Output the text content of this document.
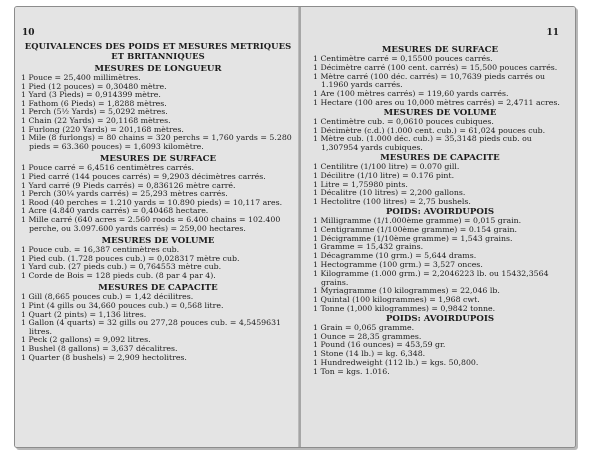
10
EQUIVALENCES DES POIDS ET MESURES METRIQUES ET BRITANNIQUES
MESURES DE LONGUEUR
1 Pouce = 25,400 millimètres.
1 Pied (12 pouces) = 0,30480 mètre.
1 Yard (3 Pieds) = 0,914399 mètre.
1 Fathom (6 Pieds) = 1,8288 mètres.
1 Perch (5½ Yards) = 5,0292 mètres.
1 Chain (22 Yards) = 20,1168 mètres.
1 Furlong (220 Yards) = 201,168 mètres.
1 Mile (8 furlongs) = 80 chains = 320 perchs = 1,760 yards = 5.280 pieds = 63.360 pouces) = 1,6093 kilomètre.
MESURES DE SURFACE
1 Pouce carré = 6,4516 centimètres carrés.
1 Pied carré (144 pouces carrés) = 9,2903 décimètres carrés.
1 Yard carré (9 Pieds carrés) = 0,836126 mètre carré.
1 Perch (30¼ yards carrés) = 25,293 mètres carrés.
1 Rood (40 perches = 1.210 yards = 10.890 pieds) = 10,117 ares.
1 Acre (4.840 yards carrés) = 0,40468 hectare.
1 Mille carré (640 acres = 2.560 roods = 6.400 chains = 102.400 perche, ou 3.097.600 yards carrés) = 259,00 hectares.
MESURES DE VOLUME
1 Pouce cub. = 16,387 centimètres cub.
1 Pied cub. (1.728 pouces cub.) = 0,028317 mètre cub.
1 Yard cub. (27 pieds cub.) = 0,764553 mètre cub.
1 Corde de Bois = 128 pieds cub. (8 par 4 par 4).
MESURES DE CAPACITE
1 Gill (8,665 pouces cub.) = 1,42 décilitres.
1 Pint (4 gills ou 34,660 pouces cub.) = 0,568 litre.
1 Quart (2 pints) = 1,136 litres.
1 Gallon (4 quarts) = 32 gills ou 277,28 pouces cub. = 4,5459631 litres.
1 Peck (2 gallons) = 9,092 litres.
1 Bushel (8 gallons) = 3,637 décalitres.
1 Quarter (8 bushels) = 2,909 hectolitres.
11
MESURES DE SURFACE
1 Centimètre carré = 0,15500 pouces carrés.
1 Décimètre carré (100 cent. carrés) = 15,500 pouces carrés.
1 Mètre carré (100 déc. carrés) = 10,7639 pieds carrés ou 1.1960 yards carrés.
1 Are (100 mètres carrés) = 119,60 yards carrés.
1 Hectare (100 ares ou 10,000 mètres carrés) = 2,4711 acres.
MESURES DE VOLUME
1 Centimètre cub. = 0,0610 pouces cubiques.
1 Décimètre (c.d.) (1.000 cent. cub.) = 61,024 pouces cub.
1 Mètre cub. (1.000 déc. cub.) = 35,3148 pieds cub. ou 1,307954 yards cubiques.
MESURES DE CAPACITE
1 Centilitre (1/100 litre) = 0.070 gill.
1 Décilitre (1/10 litre) = 0.176 pint.
1 Litre = 1,75980 pints.
1 Décalitre (10 litres) = 2,200 gallons.
1 Hectolitre (100 litres) = 2,75 bushels.
POIDS: AVOIRDUPOIS
1 Milligramme (1/1.000ème gramme) = 0,015 grain.
1 Centigramme (1/100ème gramme) = 0.154 grain.
1 Décigramme (1/10ème gramme) = 1,543 grains.
1 Gramme = 15,432 grains.
1 Décagramme (10 grm.) = 5,644 drams.
1 Hectogramme (100 grm.) = 3,527 onces.
1 Kilogramme (1.000 grm.) = 2,2046223 lb. ou 15432,3564 grains.
1 Myriagramme (10 kilogrammes) = 22,046 lb.
1 Quintal (100 kilogrammes) = 1,968 cwt.
1 Tonne (1,000 kilogrammes) = 0,9842 tonne.
POIDS: AVOIRDUPOIS
1 Grain = 0,065 gramme.
1 Ounce = 28,35 grammes.
1 Pound (16 ounces) = 453,59 gr.
1 Stone (14 lb.) = kg. 6,348.
1 Hundredweight (112 lb.) = kgs. 50,800.
1 Ton = kgs. 1.016.
